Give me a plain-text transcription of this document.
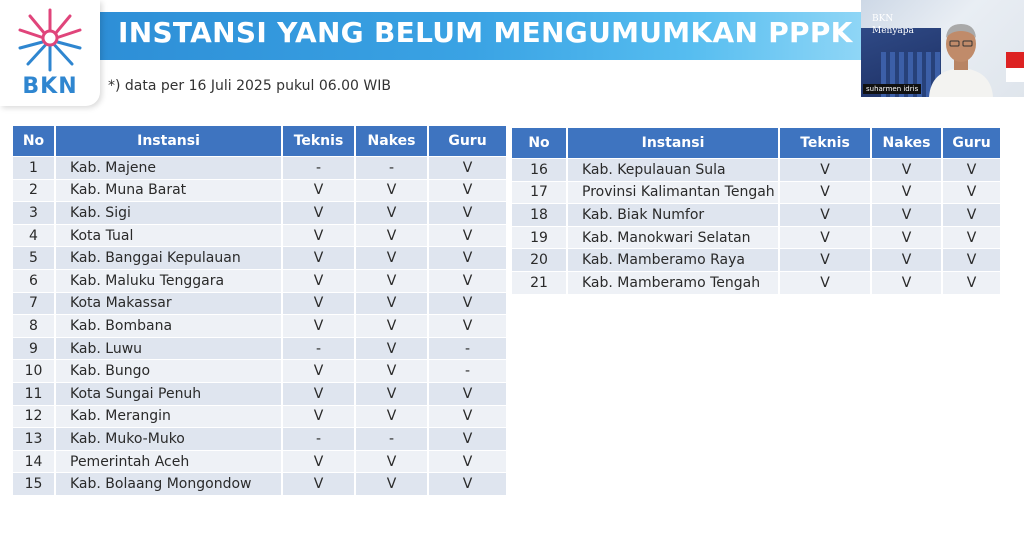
BKN
INSTANSI YANG BELUM MENGUMUMKAN PPPK
*) data per 16 Juli 2025 pukul 06.00 WIB
BKN
Menyapa
suharmen idris
No	Instansi	Teknis	Nakes	Guru
1	Kab. Majene	-	-	V
2	Kab. Muna Barat	V	V	V
3	Kab. Sigi	V	V	V
4	Kota Tual	V	V	V
5	Kab. Banggai Kepulauan	V	V	V
6	Kab. Maluku Tenggara	V	V	V
7	Kota Makassar	V	V	V
8	Kab. Bombana	V	V	V
9	Kab. Luwu	-	V	-
10	Kab. Bungo	V	V	-
11	Kota Sungai Penuh	V	V	V
12	Kab. Merangin	V	V	V
13	Kab. Muko-Muko	-	-	V
14	Pemerintah Aceh	V	V	V
15	Kab. Bolaang Mongondow	V	V	V
No	Instansi	Teknis	Nakes	Guru
16	Kab. Kepulauan Sula	V	V	V
17	Provinsi Kalimantan Tengah	V	V	V
18	Kab. Biak Numfor	V	V	V
19	Kab. Manokwari Selatan	V	V	V
20	Kab. Mamberamo Raya	V	V	V
21	Kab. Mamberamo Tengah	V	V	V
